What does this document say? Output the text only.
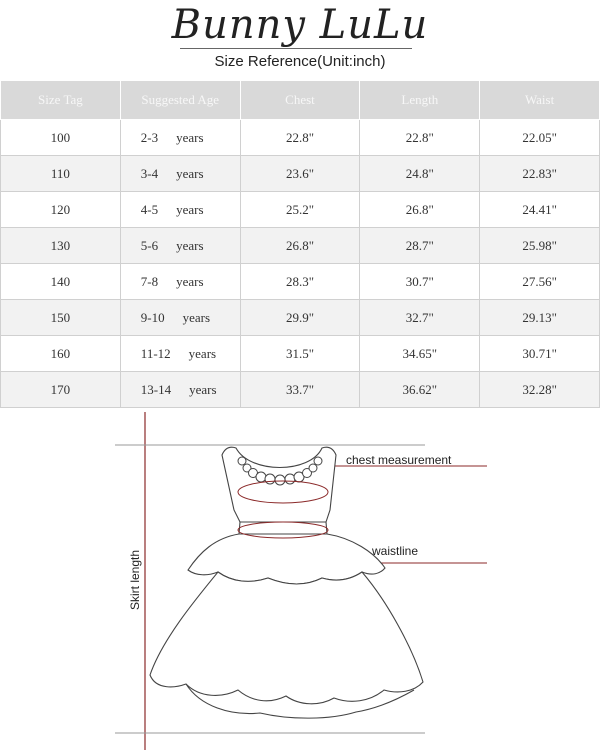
Bunny LuLu
Size Reference(Unit:inch)
Size Tag	Suggested Age	Chest	Length	Waist
100	2-3 years	22.8"	22.8"	22.05"
110	3-4 years	23.6"	24.8"	22.83"
120	4-5 years	25.2"	26.8"	24.41"
130	5-6 years	26.8"	28.7"	25.98"
140	7-8 years	28.3"	30.7"	27.56"
150	9-10 years	29.9"	32.7"	29.13"
160	11-12 years	31.5"	34.65"	30.71"
170	13-14 years	33.7"	36.62"	32.28"
chest measurement
waistline
Skirt length
